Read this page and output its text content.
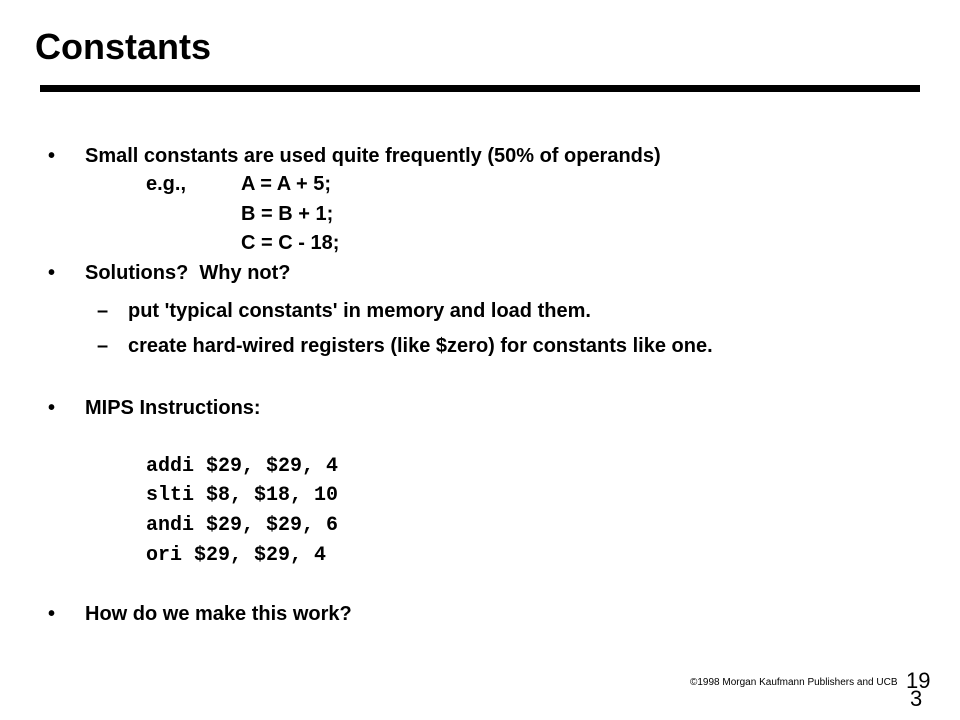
Constants
• Small constants are used quite frequently (50% of operands)
e.g.,	A = A + 5;
B = B + 1;
C = C - 18;
• Solutions?  Why not?
– put 'typical constants' in memory and load them.
– create hard-wired registers (like $zero) for constants like one.
• MIPS Instructions:
addi $29, $29, 4
slti $8, $18, 10
andi $29, $29, 6
ori $29, $29, 4
• How do we make this work?
©1998 Morgan Kaufmann Publishers and UCB 19
3
